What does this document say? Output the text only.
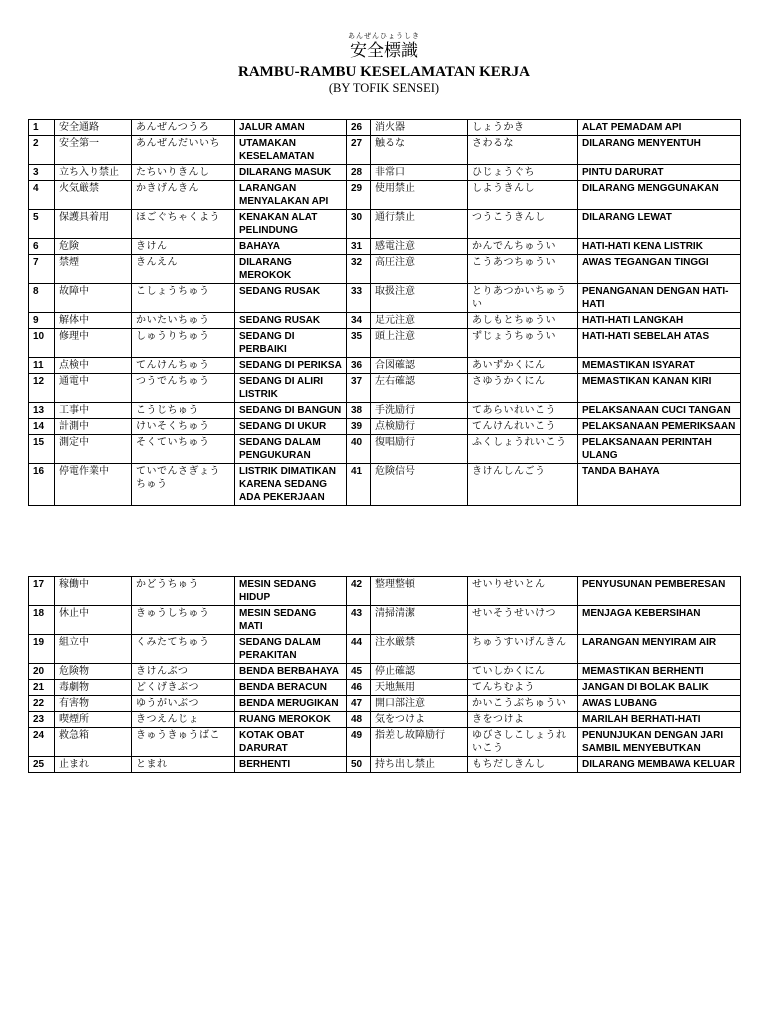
あんぜんひょうしき
安全標識
RAMBU-RAMBU KESELAMATAN KERJA
(BY TOFIK SENSEI)
1	安全通路	あんぜんつうろ	JALUR AMAN	26	消火器	しょうかき	ALAT PEMADAM API
2	安全第一	あんぜんだいいち	UTAMAKAN KESELAMATAN	27	触るな	さわるな	DILARANG MENYENTUH
3	立ち入り禁止	たちいりきんし	DILARANG MASUK	28	非常口	ひじょうぐち	PINTU DARURAT
4	火気厳禁	かきげんきん	LARANGAN MENYALAKAN API	29	使用禁止	しようきんし	DILARANG MENGGUNAKAN
5	保護具着用	ほごぐちゃくよう	KENAKAN ALAT PELINDUNG	30	通行禁止	つうこうきんし	DILARANG LEWAT
6	危険	きけん	BAHAYA	31	感電注意	かんでんちゅうい	HATI-HATI KENA LISTRIK
7	禁煙	きんえん	DILARANG MEROKOK	32	高圧注意	こうあつちゅうい	AWAS TEGANGAN TINGGI
8	故障中	こしょうちゅう	SEDANG RUSAK	33	取扱注意	とりあつかいちゅうい	PENANGANAN DENGAN HATI-HATI
9	解体中	かいたいちゅう	SEDANG RUSAK	34	足元注意	あしもとちゅうい	HATI-HATI LANGKAH
10	修理中	しゅうりちゅう	SEDANG DI PERBAIKI	35	頭上注意	ずじょうちゅうい	HATI-HATI SEBELAH ATAS
11	点検中	てんけんちゅう	SEDANG DI PERIKSA	36	合図確認	あいずかくにん	MEMASTIKAN ISYARAT
12	通電中	つうでんちゅう	SEDANG DI ALIRI LISTRIK	37	左右確認	さゆうかくにん	MEMASTIKAN KANAN KIRI
13	工事中	こうじちゅう	SEDANG DI BANGUN	38	手洗励行	てあらいれいこう	PELAKSANAAN CUCI TANGAN
14	計測中	けいそくちゅう	SEDANG DI UKUR	39	点検励行	てんけんれいこう	PELAKSANAAN PEMERIKSAAN
15	測定中	そくていちゅう	SEDANG DALAM PENGUKURAN	40	復唱励行	ふくしょうれいこう	PELAKSANAAN PERINTAH ULANG
16	停電作業中	ていでんさぎょうちゅう	LISTRIK DIMATIKAN KARENA SEDANG ADA PEKERJAAN	41	危険信号	きけんしんごう	TANDA BAHAYA
17	稼働中	かどうちゅう	MESIN SEDANG HIDUP	42	整理整頓	せいりせいとん	PENYUSUNAN PEMBERESAN
18	休止中	きゅうしちゅう	MESIN SEDANG MATI	43	清掃清潔	せいそうせいけつ	MENJAGA KEBERSIHAN
19	組立中	くみたてちゅう	SEDANG DALAM PERAKITAN	44	注水厳禁	ちゅうすいげんきん	LARANGAN MENYIRAM AIR
20	危険物	きけんぶつ	BENDA BERBAHAYA	45	停止確認	ていしかくにん	MEMASTIKAN BERHENTI
21	毒劇物	どくげきぶつ	BENDA BERACUN	46	天地無用	てんちむよう	JANGAN DI BOLAK BALIK
22	有害物	ゆうがいぶつ	BENDA MERUGIKAN	47	開口部注意	かいこうぶちゅうい	AWAS LUBANG
23	喫煙所	きつえんじょ	RUANG MEROKOK	48	気をつけよ	きをつけよ	MARILAH BERHATI-HATI
24	救急箱	きゅうきゅうばこ	KOTAK OBAT DARURAT	49	指差し故障励行	ゆびさしこしょうれいこう	PENUNJUKAN DENGAN JARI SAMBIL MENYEBUTKAN
25	止まれ	とまれ	BERHENTI	50	持ち出し禁止	もちだしきんし	DILARANG MEMBAWA KELUAR
